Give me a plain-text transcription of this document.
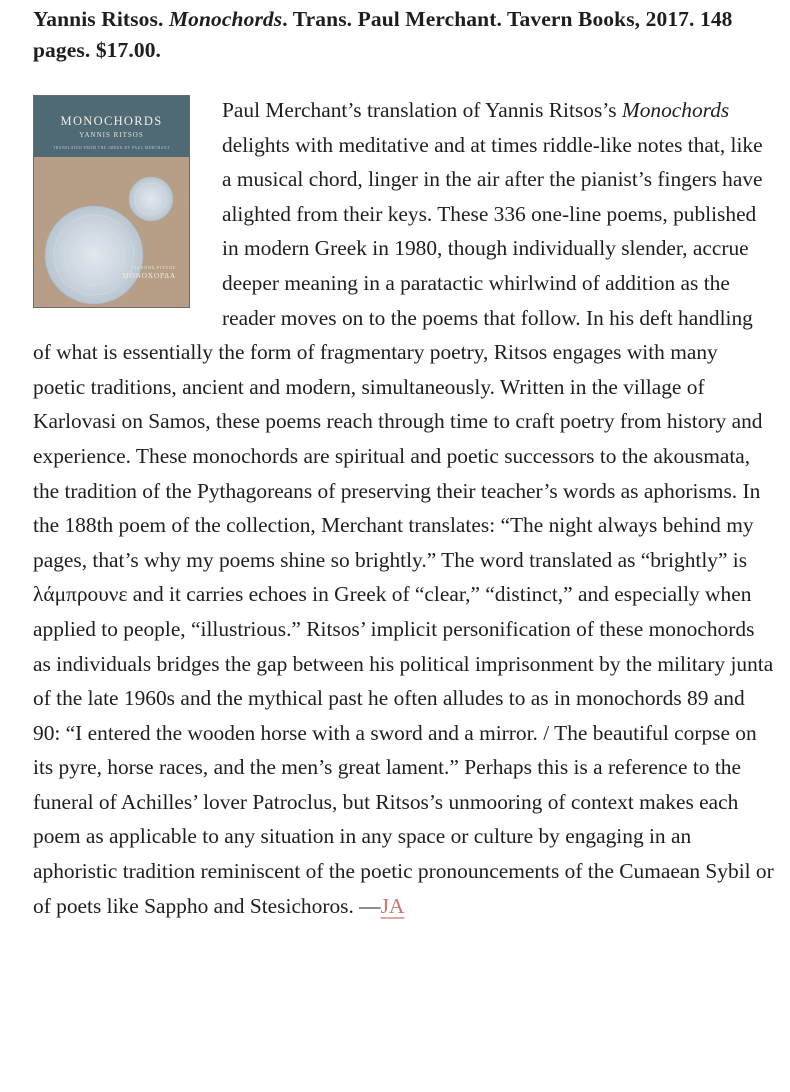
Yannis Ritsos. Monochords. Trans. Paul Merchant. Tavern Books, 2017. 148 pages. $17.00.

MONOCHORDS
YANNIS RITSOS
TRANSLATED FROM THE GREEK BY PAUL MERCHANT
ΓΙΑΝΝΗΣ ΡΙΤΣΟΣ
ΜΟΝΟΧΟΡΔΑ
Paul Merchant’s translation of Yannis Ritsos’s Monochords delights with meditative and at times riddle-like notes that, like a musical chord, linger in the air after the pianist’s fingers have alighted from their keys. These 336 one-line poems, published in modern Greek in 1980, though individually slender, accrue deeper meaning in a paratactic whirlwind of addition as the reader moves on to the poems that follow. In his deft handling of what is essentially the form of fragmentary poetry, Ritsos engages with many poetic traditions, ancient and modern, simultaneously. Written in the village of Karlovasi on Samos, these poems reach through time to craft poetry from history and experience. These monochords are spiritual and poetic successors to the akousmata, the tradition of the Pythagoreans of preserving their teacher’s words as aphorisms. In the 188th poem of the collection, Merchant translates: “The night always behind my pages, that’s why my poems shine so brightly.” The word translated as “brightly” is λάμπρουνε and it carries echoes in Greek of “clear,” “distinct,” and especially when applied to people, “illustrious.” Ritsos’ implicit personification of these monochords as individuals bridges the gap between his political imprisonment by the military junta of the late 1960s and the mythical past he often alludes to as in monochords 89 and 90: “I entered the wooden horse with a sword and a mirror. / The beautiful corpse on its pyre, horse races, and the men’s great lament.” Perhaps this is a reference to the funeral of Achilles’ lover Patroclus, but Ritsos’s unmooring of context makes each poem as applicable to any situation in any space or culture by engaging in an aphoristic tradition reminiscent of the poetic pronouncements of the Cumaean Sybil or of poets like Sappho and Stesichoros. —JA
